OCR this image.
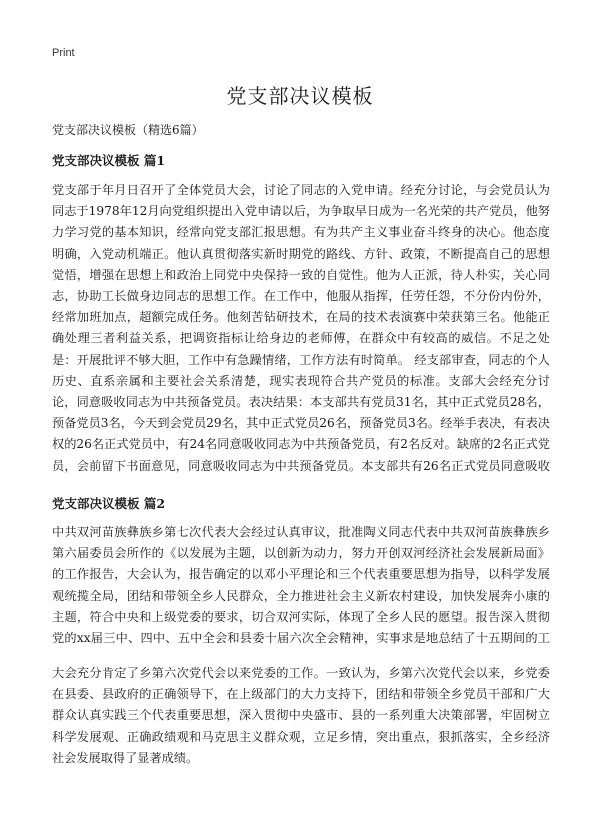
Print

党支部决议模板

党支部决议模板（精选6篇）

党支部决议模板 篇1

党支部于年月日召开了全体党员大会，讨论了同志的入党申请。经充分讨论，与会党员认为同志于1978年12月向党组织提出入党申请以后，为争取早日成为一名光荣的共产党员，他努力学习党的基本知识，经常向党支部汇报思想。有为共产主义事业奋斗终身的决心。他态度明确，入党动机端正。他认真贯彻落实新时期党的路线、方针、政策，不断提高自己的思想觉悟，增强在思想上和政治上同党中央保持一致的自觉性。他为人正派，待人朴实，关心同志，协助工长做身边同志的思想工作。在工作中，他服从指挥，任劳任怨，不分份内份外，经常加班加点，超额完成任务。他刻苦钻研技术，在局的技术表演赛中荣获第三名。他能正确处理三者利益关系，把调资指标让给身边的老师傅，在群众中有较高的威信。不足之处是：开展批评不够大胆，工作中有急躁情绪，工作方法有时简单。 经支部审查，同志的个人历史、直系亲属和主要社会关系清楚，现实表现符合共产党员的标准。支部大会经充分讨论，同意吸收同志为中共预备党员。表决结果：本支部共有党员31名，其中正式党员28名，预备党员3名，今天到会党员29名，其中正式党员26名，预备党员3名。经举手表决，有表决权的26名正式党员中，有24名同意吸收同志为中共预备党员，有2名反对。缺席的2名正式党员，会前留下书面意见，同意吸收同志为中共预备党员。本支部共有26名正式党员同意吸收

党支部决议模板 篇2

中共双河苗族彝族乡第七次代表大会经过认真审议，批准陶义同志代表中共双河苗族彝族乡第六届委员会所作的《以发展为主题，以创新为动力，努力开创双河经济社会发展新局面》的工作报告，大会认为，报告确定的以邓小平理论和三个代表重要思想为指导，以科学发展观统揽全局，团结和带领全乡人民群众，全力推进社会主义新农村建设，加快发展奔小康的主题，符合中央和上级党委的要求，切合双河实际，体现了全乡人民的愿望。报告深入贯彻党的xx届三中、四中、五中全会和县委十届六次全会精神，实事求是地总结了十五期间的工

大会充分肯定了乡第六次党代会以来党委的工作。一致认为，乡第六次党代会以来，乡党委在县委、县政府的正确领导下，在上级部门的大力支持下，团结和带领全乡党员干部和广大群众认真实践三个代表重要思想，深入贯彻中央盛市、县的一系列重大决策部署，牢固树立科学发展观、正确政绩观和马克思主义群众观，立足乡情，突出重点，狠抓落实，全乡经济社会发展取得了显著成绩。
